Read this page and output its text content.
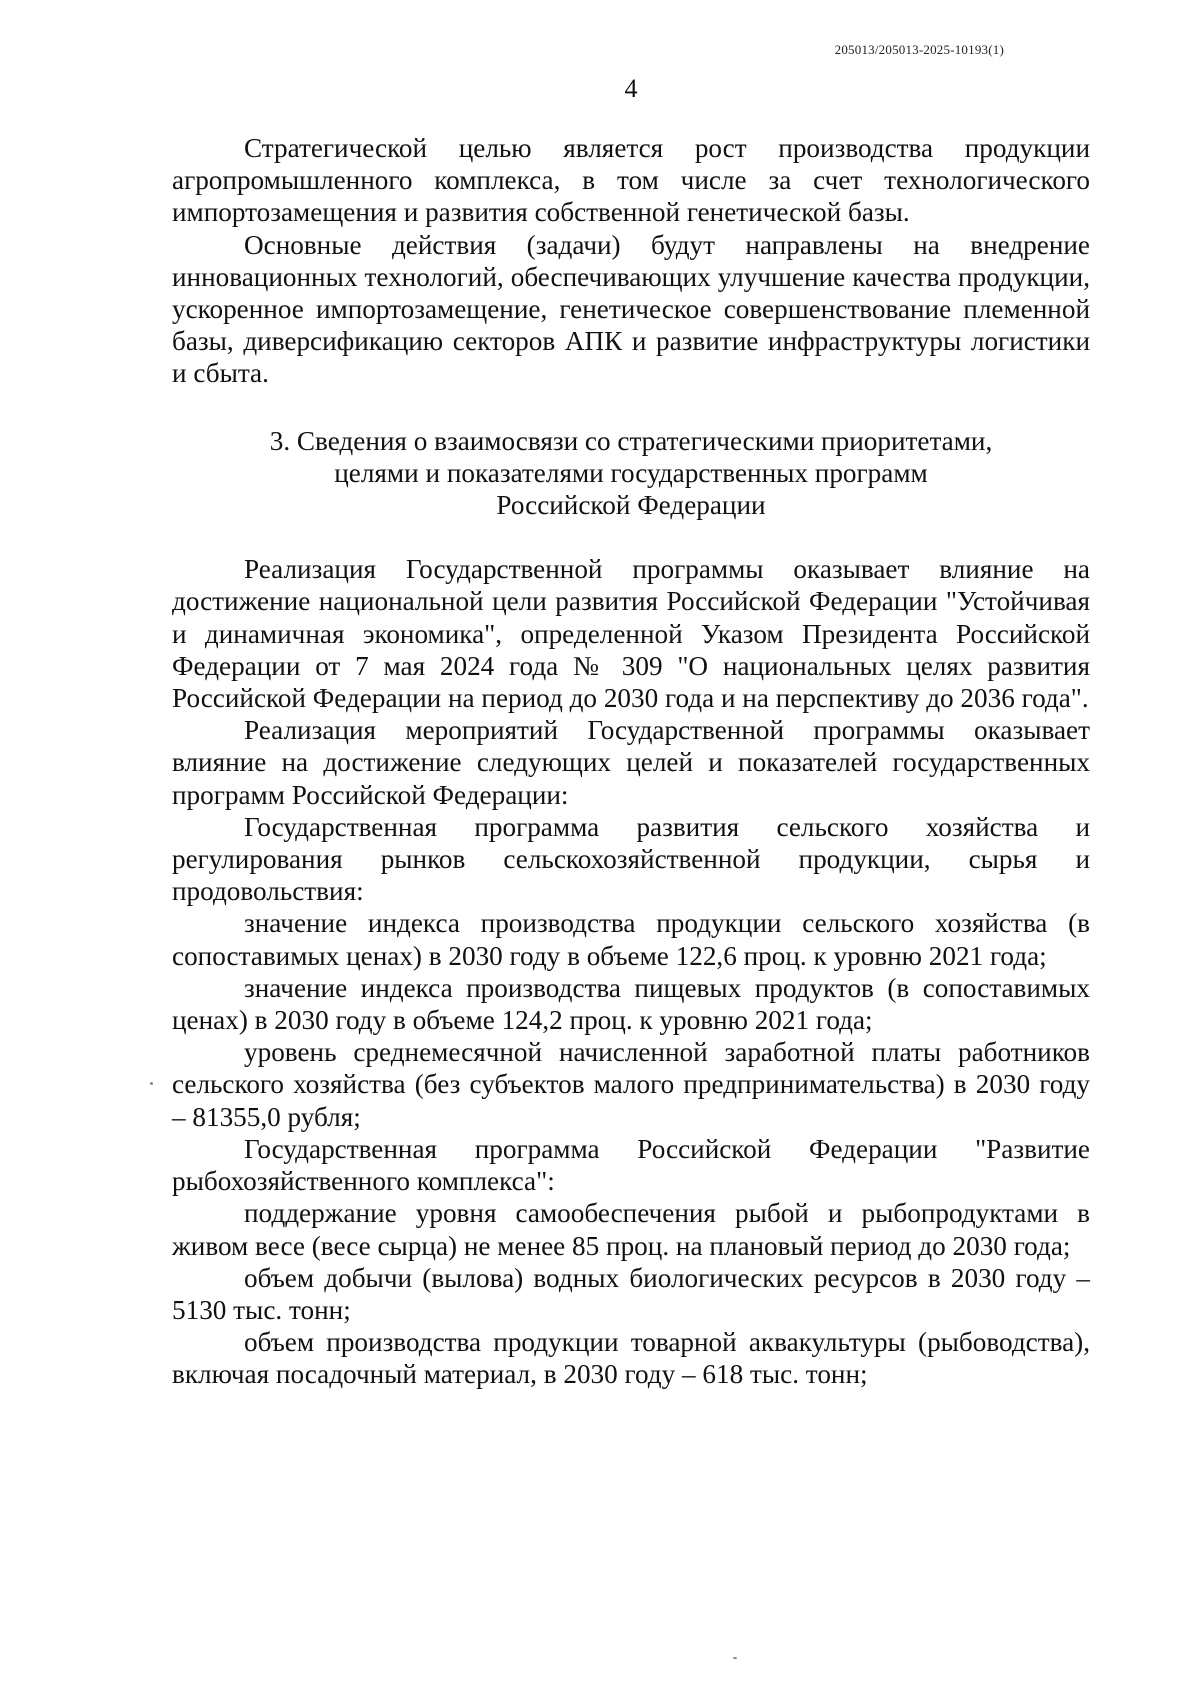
205013/205013-2025-10193(1)
4

Стратегической целью является рост производства продукции агропромышленного комплекса, в том числе за счет технологического импортозамещения и развития собственной генетической базы.

Основные действия (задачи) будут направлены на внедрение инновационных технологий, обеспечивающих улучшение качества продукции, ускоренное импортозамещение, генетическое совершенствование племенной базы, диверсификацию секторов АПК и развитие инфраструктуры логистики и сбыта.

3. Сведения о взаимосвязи со стратегическими приоритетами,
целями и показателями государственных программ
Российской Федерации

Реализация Государственной программы оказывает влияние на достижение национальной цели развития Российской Федерации "Устойчивая и динамичная экономика", определенной Указом Президента Российской Федерации от 7 мая 2024 года № 309 "О национальных целях развития Российской Федерации на период до 2030 года и на перспективу до 2036 года".

Реализация мероприятий Государственной программы оказывает влияние на достижение следующих целей и показателей государственных программ Российской Федерации:

Государственная программа развития сельского хозяйства и регулирования рынков сельскохозяйственной продукции, сырья и продовольствия:

значение индекса производства продукции сельского хозяйства (в сопоставимых ценах) в 2030 году в объеме 122,6 проц. к уровню 2021 года;

значение индекса производства пищевых продуктов (в сопоставимых ценах) в 2030 году в объеме 124,2 проц. к уровню 2021 года;

уровень среднемесячной начисленной заработной платы работников сельского хозяйства (без субъектов малого предпринимательства) в 2030 году – 81355,0 рубля;

Государственная программа Российской Федерации "Развитие рыбохозяйственного комплекса":

поддержание уровня самообеспечения рыбой и рыбопродуктами в живом весе (весе сырца) не менее 85 проц. на плановый период до 2030 года;

объем добычи (вылова) водных биологических ресурсов в 2030 году – 5130 тыс. тонн;

объем производства продукции товарной аквакультуры (рыбоводства), включая посадочный материал, в 2030 году – 618 тыс. тонн;
